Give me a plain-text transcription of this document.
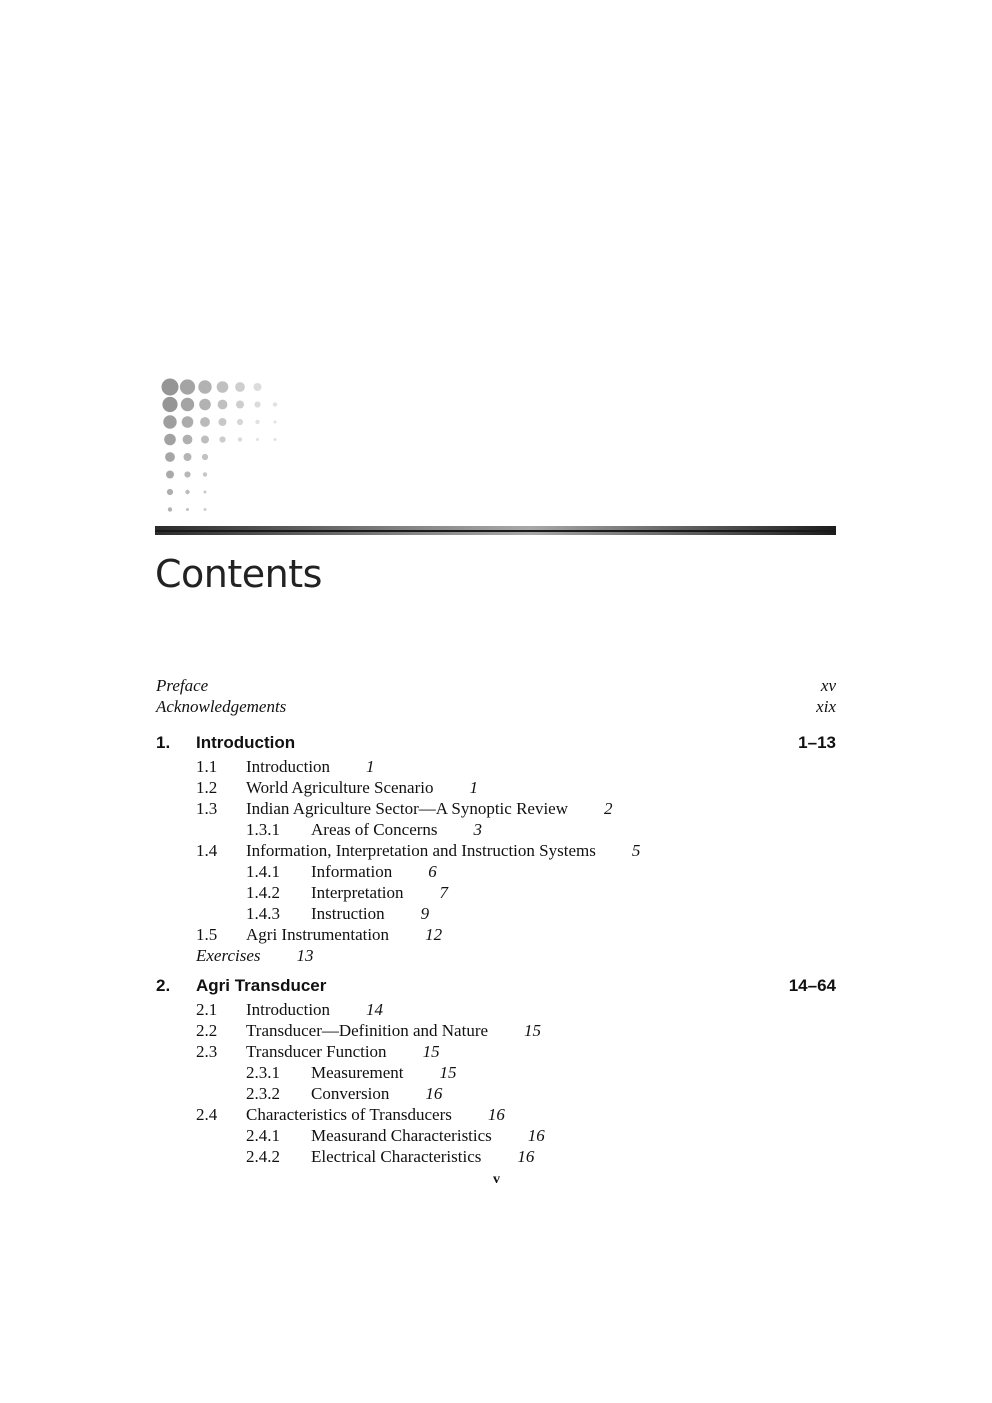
Contents
Preface	xv
Acknowledgements	xix
1. Introduction	1–13
1.1 Introduction 1
1.2 World Agriculture Scenario 1
1.3 Indian Agriculture Sector—A Synoptic Review 2
1.3.1 Areas of Concerns 3
1.4 Information, Interpretation and Instruction Systems 5
1.4.1 Information 6
1.4.2 Interpretation 7
1.4.3 Instruction 9
1.5 Agri Instrumentation 12
Exercises 13
2. Agri Transducer	14–64
2.1 Introduction 14
2.2 Transducer—Definition and Nature 15
2.3 Transducer Function 15
2.3.1 Measurement 15
2.3.2 Conversion 16
2.4 Characteristics of Transducers 16
2.4.1 Measurand Characteristics 16
2.4.2 Electrical Characteristics 16
v
